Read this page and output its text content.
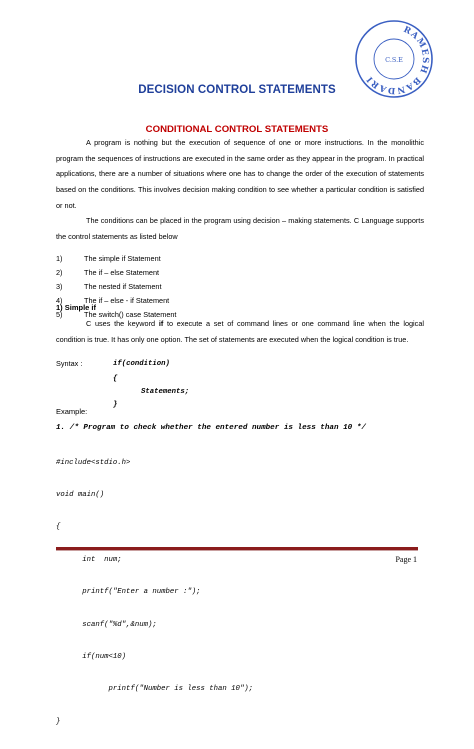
RAMESH BANDARI
C.S.E
DECISION CONTROL STATEMENTS
CONDITIONAL CONTROL STATEMENTS
A program is nothing but the execution of sequence of one or more instructions. In the monolithic program the sequences of instructions are executed in the same order as they appear in the program. In practical applications, there are a number of situations where one has to change the order of the execution of statements based on the conditions. This involves decision making condition to see whether a particular condition is satisfied or not.
The conditions can be placed in the program using decision – making statements. C Language supports the control statements as listed below
1)	The simple if Statement
2)	The if – else Statement
3)	The nested if Statement
4)	The if – else - if Statement
5)	The switch() case Statement
1) Simple if
C uses the keyword if to execute a set of command lines or one command line when the logical condition is true. It has only one option. The set of statements are executed when the logical condition is true.
Syntax :	if(condition)
{
Statements;
}
Example:
1. /* Program to check whether the entered number is less than 10 */

#include<stdio.h>

void main()

{

int  num;

printf("Enter a number :");

scanf("%d",&num);

if(num<10)

printf("Number is less than 10");

}

Page 1
